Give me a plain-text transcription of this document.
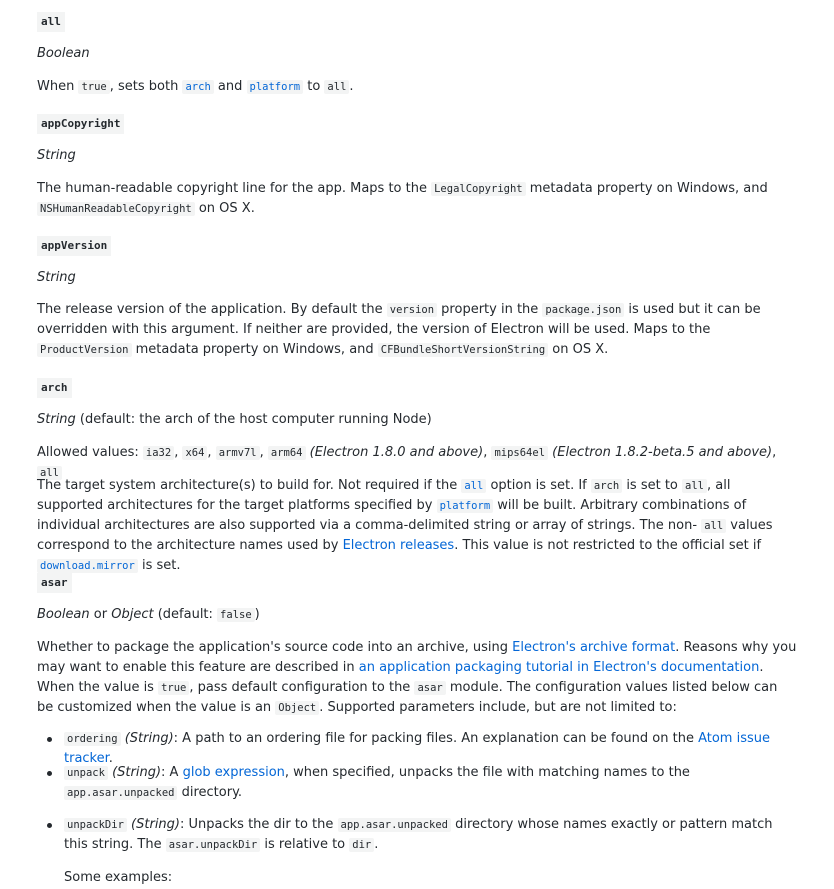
all
Boolean

When true , sets both arch and platform to all .

appCopyright
String

The human-readable copyright line for the app. Maps to the LegalCopyright metadata property on Windows, and
NSHumanReadableCopyright on OS X.

appVersion
String

The release version of the application. By default the version property in the package.json is used but it can be overridden with this argument. If neither are provided, the version of Electron will be used. Maps to the ProductVersion metadata property on Windows, and CFBundleShortVersionString on OS X.

arch
String (default: the arch of the host computer running Node)

Allowed values: ia32 , x64 , armv7l , arm64 (Electron 1.8.0 and above), mips64el (Electron 1.8.2-beta.5 and above), all

The target system architecture(s) to build for. Not required if the all option is set. If arch is set to all , all supported architectures for the target platforms specified by platform will be built. Arbitrary combinations of individual architectures are also supported via a comma-delimited string or array of strings. The non- all values correspond to the architecture names used by Electron releases. This value is not restricted to the official set if download.mirror is set.

asar
Boolean or Object (default: false )

Whether to package the application's source code into an archive, using Electron's archive format. Reasons why you may want to enable this feature are described in an application packaging tutorial in Electron's documentation. When the value is true , pass default configuration to the asar module. The configuration values listed below can be customized when the value is an Object . Supported parameters include, but are not limited to:

ordering (String): A path to an ordering file for packing files. An explanation can be found on the Atom issue tracker.
unpack (String): A glob expression, when specified, unpacks the file with matching names to the app.asar.unpacked directory.
unpackDir (String): Unpacks the dir to the app.asar.unpacked directory whose names exactly or pattern match this string. The asar.unpackDir is relative to dir .

Some examples:
